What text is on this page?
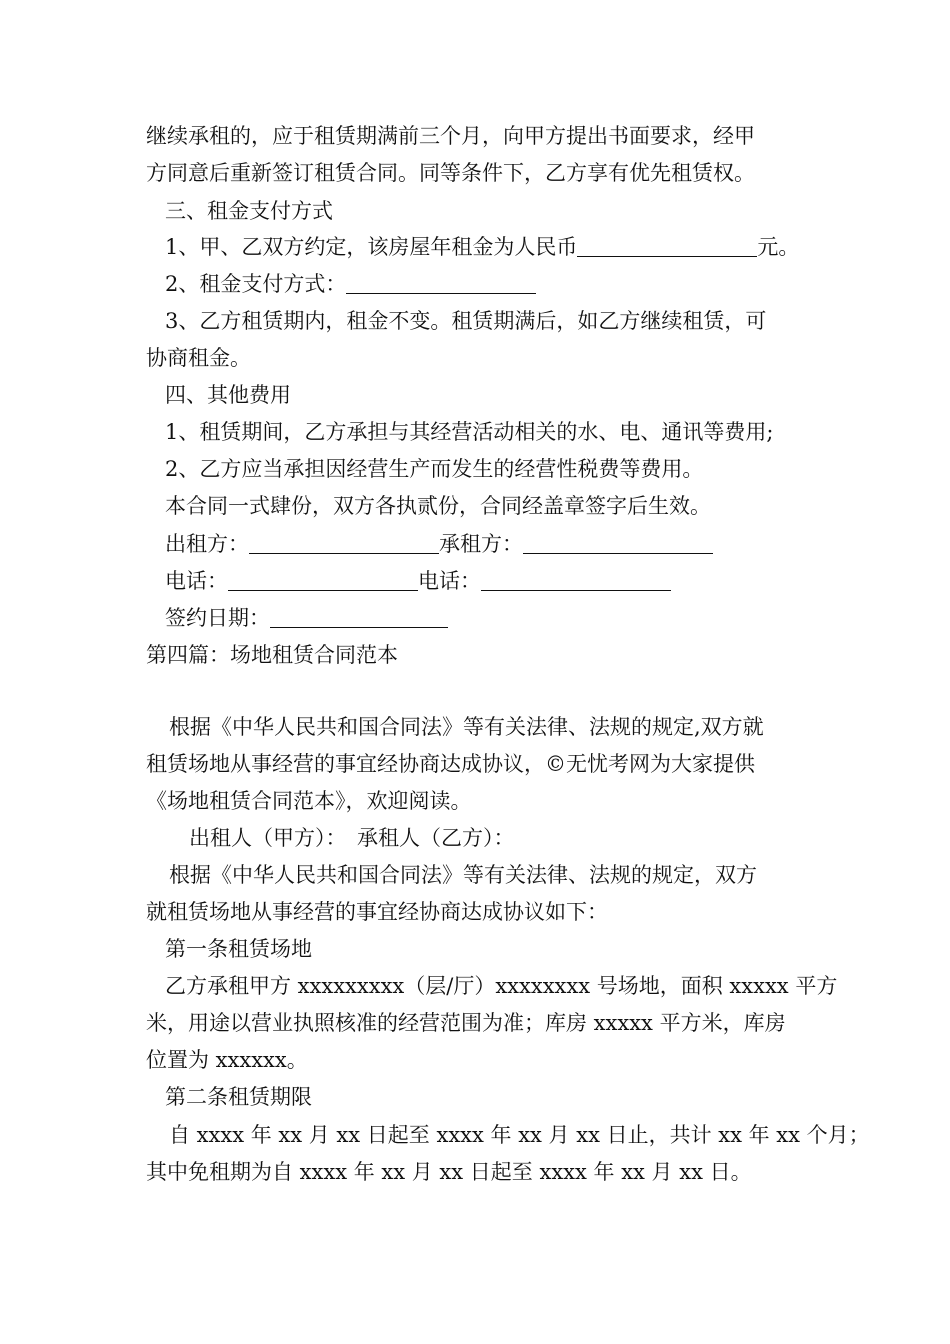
继续承租的，应于租赁期满前三个月，向甲方提出书面要求，经甲
方同意后重新签订租赁合同。同等条件下，乙方享有优先租赁权。
三、租金支付方式
1、甲、乙双方约定，该房屋年租金为人民币	元。
2、租金支付方式：
3、乙方租赁期内，租金不变。租赁期满后，如乙方继续租赁，可
协商租金。
四、其他费用
1、租赁期间，乙方承担与其经营活动相关的水、电、通讯等费用;
2、乙方应当承担因经营生产而发生的经营性税费等费用。
本合同一式肆份，双方各执贰份，合同经盖章签字后生效。
出租方：	承租方：
电话：	电话：
签约日期：
第四篇：场地租赁合同范本
根据《中华人民共和国合同法》等有关法律、法规的规定,双方就
租赁场地从事经营的事宜经协商达成协议，©无忧考网为大家提供
《场地租赁合同范本》，欢迎阅读。
出租人（甲方）：　承租人（乙方）：
根据《中华人民共和国合同法》等有关法律、法规的规定，双方
就租赁场地从事经营的事宜经协商达成协议如下：
第一条租赁场地
乙方承租甲方 xxxxxxxxx（层/厅）xxxxxxxx 号场地，面积 xxxxx 平方
米，用途以营业执照核准的经营范围为准；库房 xxxxx 平方米，库房
位置为 xxxxxx。
第二条租赁期限
自 xxxx 年 xx 月 xx 日起至 xxxx 年 xx 月 xx 日止，共计 xx 年 xx 个月；
其中免租期为自 xxxx 年 xx 月 xx 日起至 xxxx 年 xx 月 xx 日。
